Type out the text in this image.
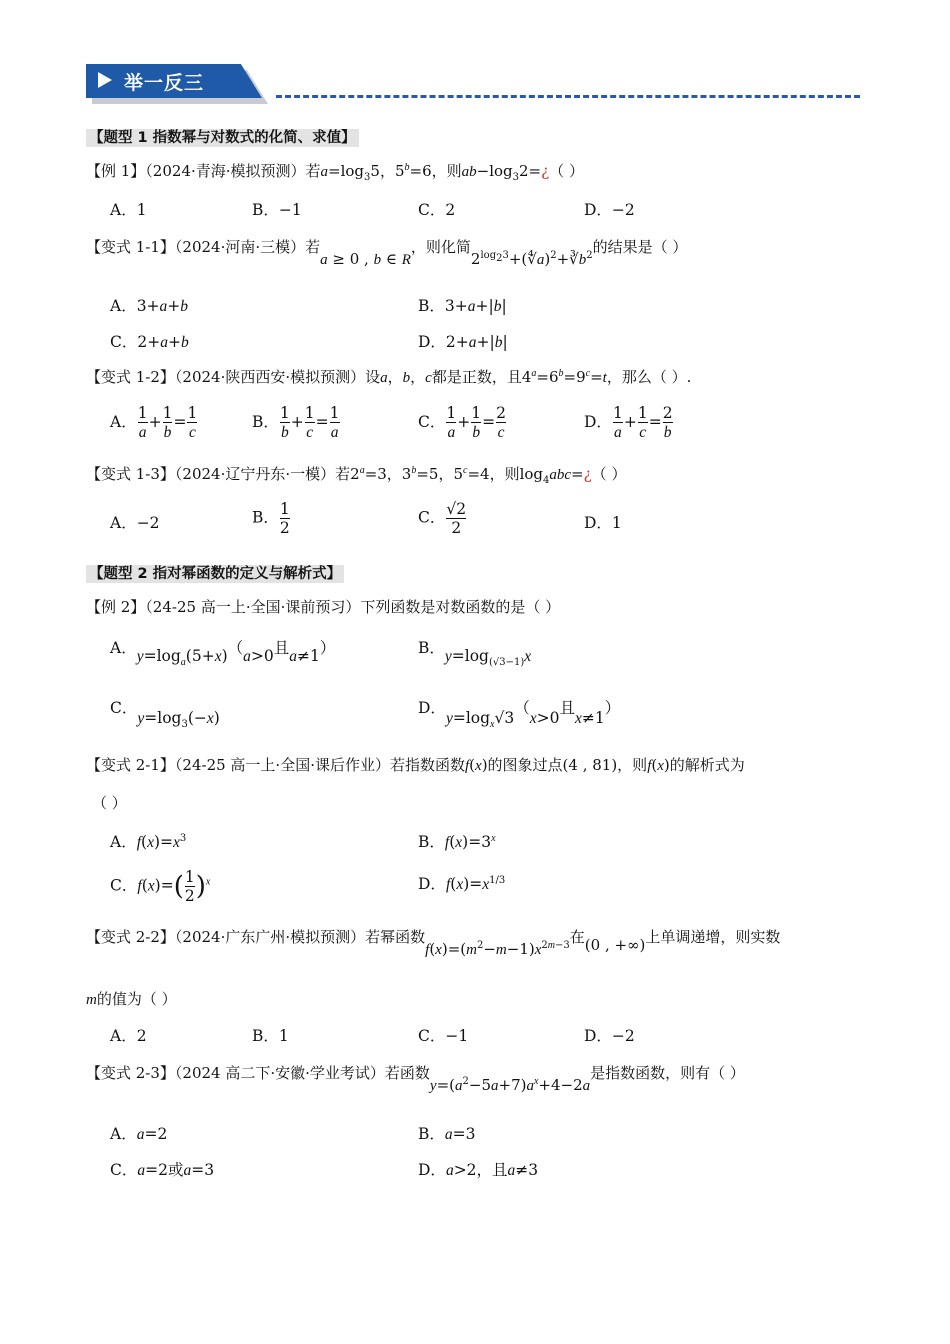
举一反三
【题型 1 指数幂与对数式的化简、求值】
【例 1】（2024·青海·模拟预测）若$a=\log_35$，$5^b=6$，则$ab-\log_32=¿$（ ）
A．1	B．−1	C．2	D．−2
【变式 1-1】（2024·河南·三模）若a ≥ 0 , b ∈ R，则化简$2^{log_23}+(∜a)^2+∛b^2$的结果是（ ）
A．3+a+b	B．3+a+|b|
C．2+a+b	D．2+a+|b|
【变式 1-2】（2024·陕西西安·模拟预测）设a，b，c都是正数，且$4^a=6^b=9^c=t$，那么（ ）.
A． $\frac{1}{a} + \frac{1}{b} = \frac{1}{c}$	B． $\frac{1}{b} + \frac{1}{c} = \frac{1}{a}$	C． $\frac{1}{a} + \frac{1}{b} = \frac{2}{c}$	D． $\frac{1}{a} + \frac{1}{c} = \frac{2}{b}$
【变式 1-3】（2024·辽宁丹东·一模）若$2^a=3$，$3^b=5$，$5^c=4$，则$\log_4abc=¿$（ ）
A．−2	B． $\frac{1}{2}$	C． $\frac{√2}{2}$	D．1
【题型 2 指对幂函数的定义与解析式】
【例 2】（24-25 高一上·全国·课前预习）下列函数是对数函数的是（ ）
A．$y=\log_a(5+x)(a>0$且a≠1）	B．$y=\log_{(√3-1)}x$
C．$y=\log_3(-x)$
D．$y=\log_x√3(x>0$且x≠1）
【变式 2-1】（24-25 高一上·全国·课后作业）若指数函数f(x)的图象过点(4 , 81)，则f(x)的解析式为
（ ）
A．$f(x)=x^3$	B．$f(x)=3^x$
C．$f(x)=( \frac{1}{2} )^x$	D．$f(x)=x^{1/3}$
【变式 2-2】（2024·广东广州·模拟预测）若幂函数$f(x)=(m^2-m-1)x^{2m-3}$在(0 , +∞)上单调递增，则实数
m的值为（ ）
A．2	B．1	C．−1	D．−2
【变式 2-3】（2024 高二下·安徽·学业考试）若函数$y=(a^2-5a+7)a^x+4-2a$是指数函数，则有（ ）
A．a=2	B．a=3
C．a=2或a=3	D．a>2，且a≠3
